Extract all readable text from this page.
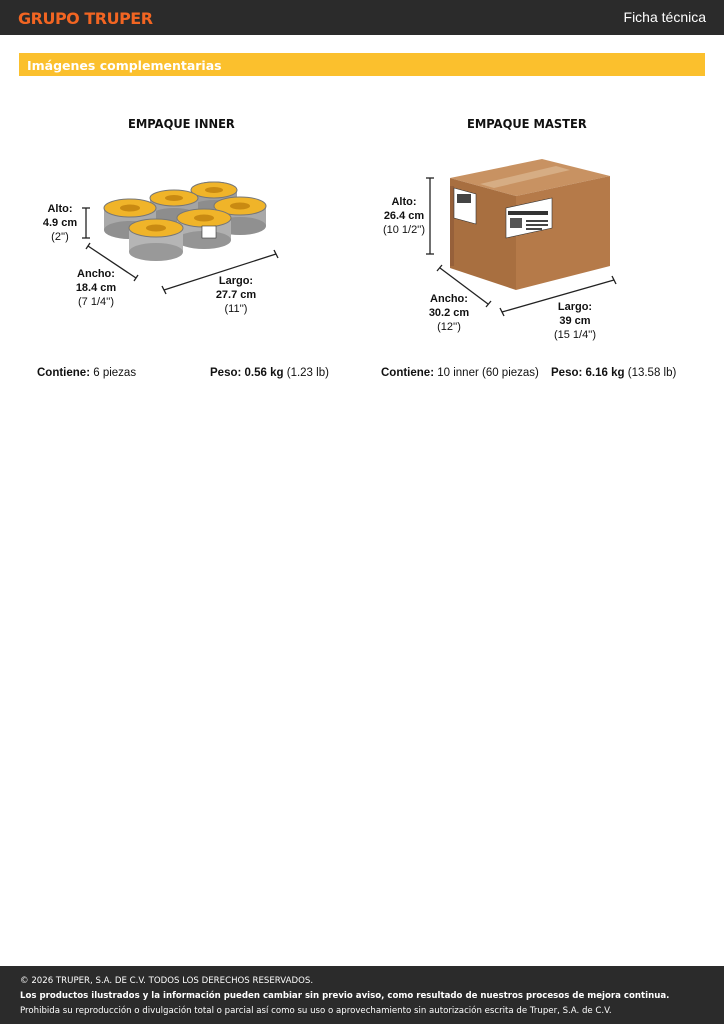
GRUPO TRUPER	Ficha técnica
Imágenes complementarias
EMPAQUE INNER
Alto:
4.9 cm
(2'')
Ancho:
18.4 cm
(7 1/4'')
Largo:
27.7 cm
(11'')
EMPAQUE MASTER
Alto:
26.4 cm
(10 1/2'')
Ancho:
30.2 cm
(12'')
Largo:
39 cm
(15 1/4'')
Contiene: 6 piezas	Peso: 0.56 kg (1.23 lb)	Contiene: 10 inner (60 piezas) Peso: 6.16 kg (13.58 lb)
© 2026 TRUPER, S.A. DE C.V. TODOS LOS DERECHOS RESERVADOS.
Los productos ilustrados y la información pueden cambiar sin previo aviso, como resultado de nuestros procesos de mejora continua.
Prohibida su reproducción o divulgación total o parcial así como su uso o aprovechamiento sin autorización escrita de Truper, S.A. de C.V.
